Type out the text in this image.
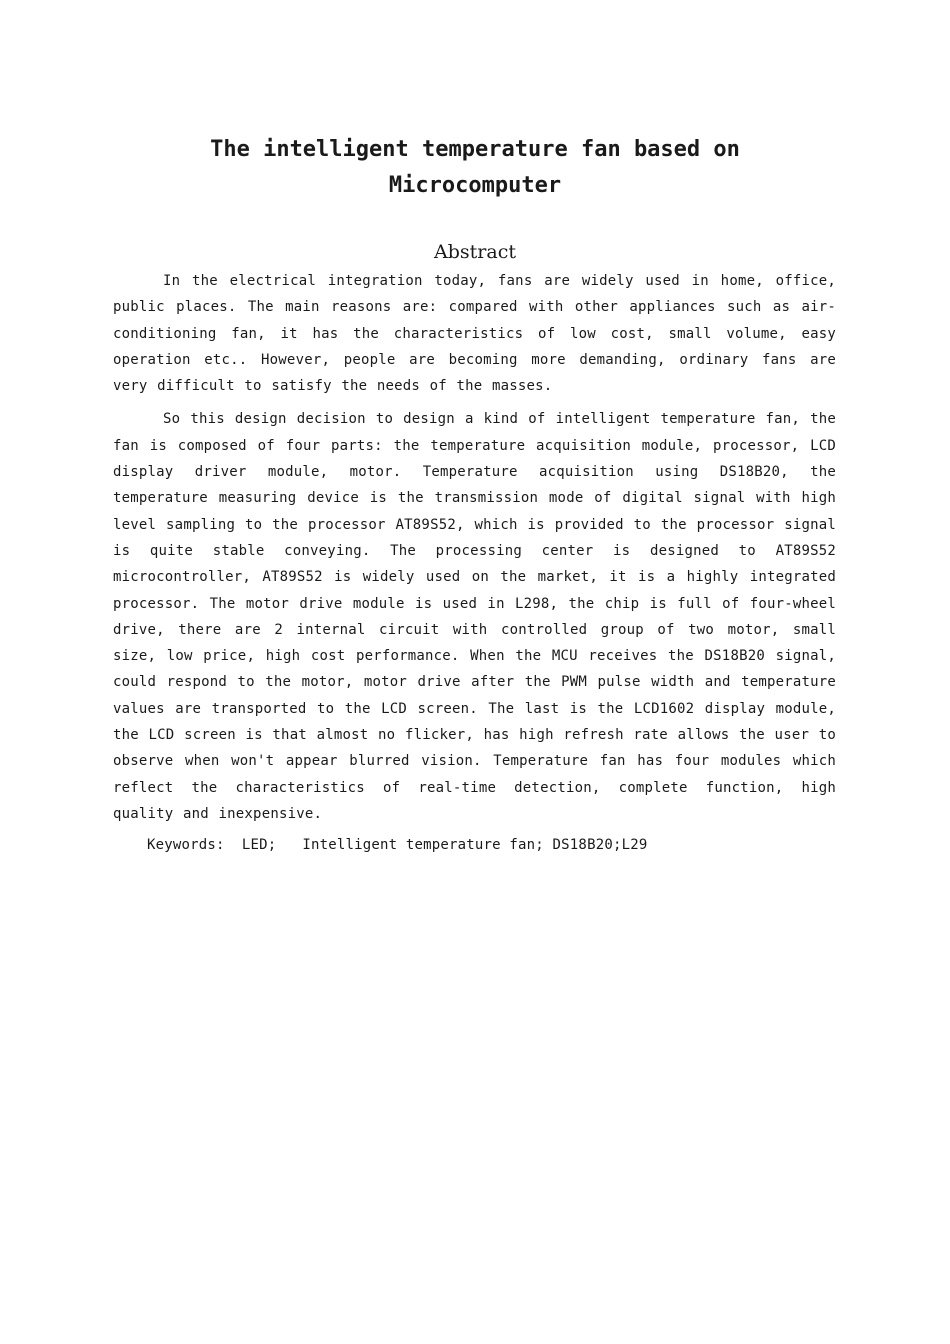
The intelligent temperature fan based on
Microcomputer
Abstract

In the electrical integration today, fans are widely used in home, office, public places. The main reasons are: compared with other appliances such as air-conditioning fan, it has the characteristics of low cost, small volume, easy operation etc.. However, people are becoming more demanding, ordinary fans are very difficult to satisfy the needs of the masses.

So this design decision to design a kind of intelligent temperature fan, the fan is composed of four parts: the temperature acquisition module, processor, LCD display driver module, motor. Temperature acquisition using DS18B20, the temperature measuring device is the transmission mode of digital signal with high level sampling to the processor AT89S52, which is provided to the processor signal is quite stable conveying. The processing center is designed to AT89S52 microcontroller, AT89S52 is widely used on the market, it is a highly integrated processor. The motor drive module is used in L298, the chip is full of four-wheel drive, there are 2 internal circuit with controlled group of two motor, small size, low price, high cost performance. When the MCU receives the DS18B20 signal, could respond to the motor, motor drive after the PWM pulse width and temperature values are transported to the LCD screen. The last is the LCD1602 display module, the LCD screen is that almost no flicker, has high refresh rate allows the user to observe when won't appear blurred vision. Temperature fan has four modules which reflect the characteristics of real-time detection, complete function, high quality and inexpensive.

Keywords:  LED;   Intelligent temperature fan; DS18B20;L29
